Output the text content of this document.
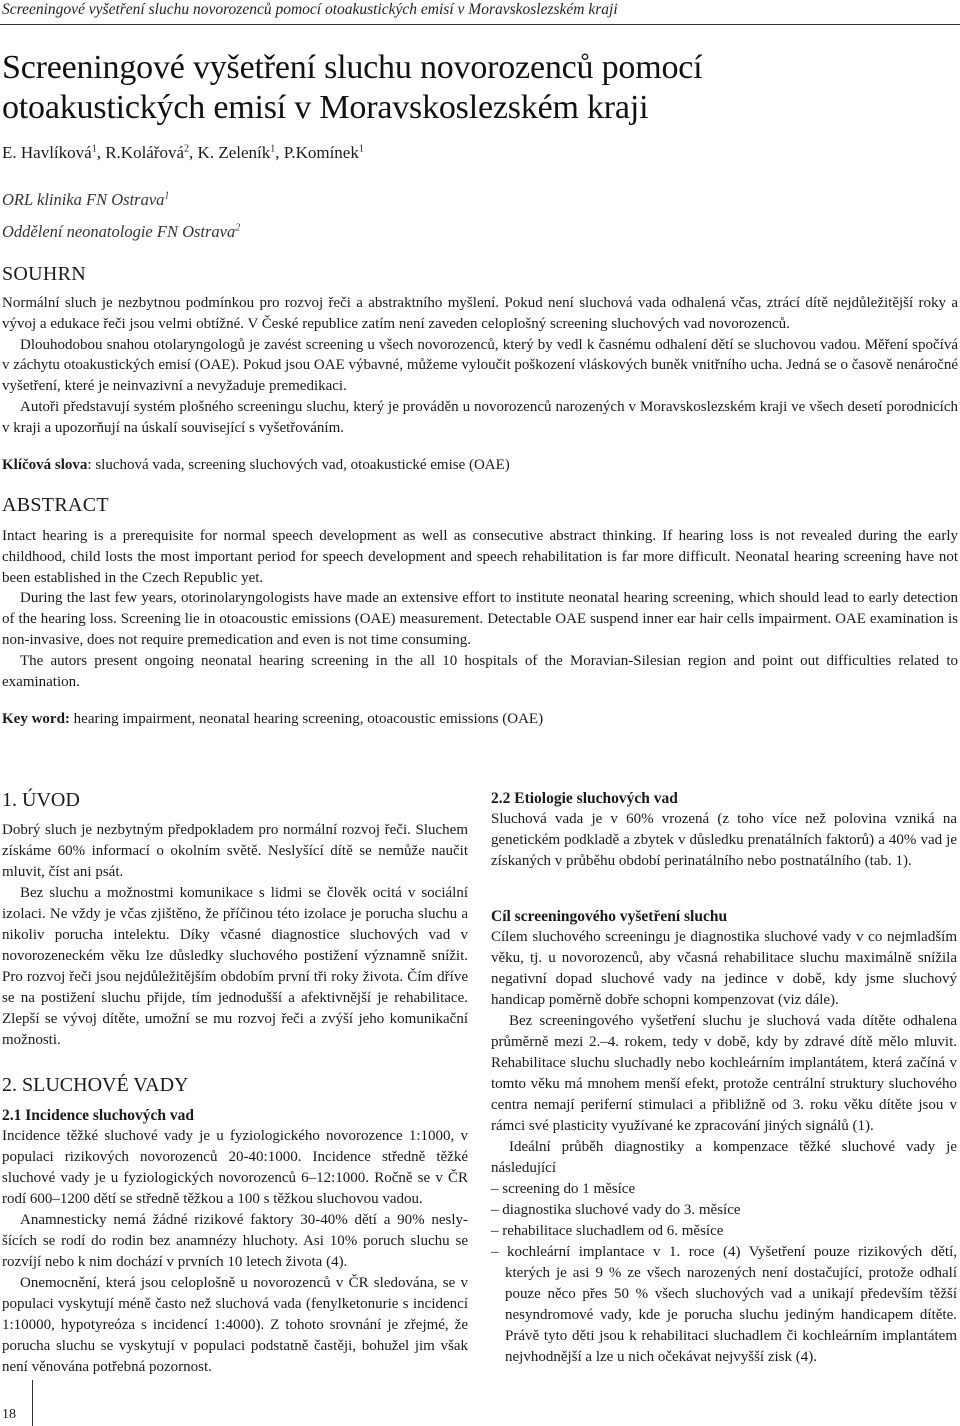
Screeningové vyšetření sluchu novorozenců pomocí otoakustických emisí v Moravskoslezském kraji
Screeningové vyšetření sluchu novorozenců pomocí
otoakustických emisí v Moravskoslezském kraji
E. Havlíková$^1$, R.Kolářová$^2$, K. Zeleník$^1$, P.Komínek$^1$
ORL klinika FN Ostrava$^1$
Oddělení neonatologie FN Ostrava$^2$
SOUHRN

Normální sluch je nezbytnou podmínkou pro rozvoj řeči a abstraktního myšlení. Pokud není sluchová vada odhalená včas, ztrácí dítě nejdůležitější roky a vývoj a edukace řeči jsou velmi obtížné. V České republice zatím není zaveden celoplošný screening sluchových vad novorozenců.

Dlouhodobou snahou otolaryngologů je zavést screening u všech novorozenců, který by vedl k časnému odhalení dětí se sluchovou vadou. Měření spočívá v záchytu otoakustických emisí (OAE). Pokud jsou OAE výbavné, můžeme vyloučit poškození vláskových buněk vnitřního ucha. Jedná se o časově nenáročné vyšetření, které je neinvazivní a nevyžaduje premedikaci.

Autoři představují systém plošného screeningu sluchu, který je prováděn u novorozenců narozených v Moravskoslezském kraji ve všech desetí porodnicích v kraji a upozorňují na úskalí související s vyšetřováním.

Klíčová slova: sluchová vada, screening sluchových vad, otoakustické emise (OAE)
ABSTRACT

Intact hearing is a prerequisite for normal speech development as well as consecutive abstract thinking. If hearing loss is not revealed during the early childhood, child losts the most important period for speech development and speech rehabilitation is far more difficult. Neonatal hearing screening have not been established in the Czech Republic yet.

During the last few years, otorinolaryngologists have made an extensive effort to institute neonatal hearing screening, which should lead to early detection of the hearing loss. Screening lie in otoacoustic emissions (OAE) measurement. Detectable OAE suspend inner ear hair cells impairment. OAE examination is non-invasive, does not require premedication and even is not time consuming.

The autors present ongoing neonatal hearing screening in the all 10 hospitals of the Moravian-Silesian region and point out difficulties related to examination.

Key word: hearing impairment, neonatal hearing screening, otoacoustic emissions (OAE)
1. ÚVOD

Dobrý sluch je nezbytným předpokladem pro normální rozvoj řeči. Sluchem získáme 60% informací o okolním světě. Neslyšící dítě se nemůže naučit mluvit, číst ani psát.

Bez sluchu a možnostmi komunikace s lidmi se člověk ocitá v sociální izolaci. Ne vždy je včas zjištěno, že příčinou této izolace je porucha sluchu a nikoliv porucha intelektu. Díky včasné diagnostice sluchových vad v novorozeneckém věku lze důsledky sluchového postižení významně snížit. Pro rozvoj řeči jsou nejdůležitějším obdobím první tři roky života. Čím dříve se na postižení sluchu přijde, tím jednodušší a afektivnější je rehabilitace. Zlepší se vývoj dítěte, umožní se mu rozvoj řeči a zvýší jeho komunikační možnosti.

2. SLUCHOVÉ VADY
2.1 Incidence sluchových vad

Incidence těžké sluchové vady je u fyziologického novorozence 1:1000, v populaci rizikových novorozenců 20-40:1000. Incidence středně těžké sluchové vady je u fyziologických novorozenců 6–12:1000. Ročně se v ČR rodí 600–1200 dětí se středně těžkou a 100 s těžkou sluchovou vadou.

Anamnesticky nemá žádné rizikové faktory 30-40% dětí a 90% neslyšících se rodí do rodin bez anamnézy hluchoty. Asi 10% poruch sluchu se rozvíjí nebo k nim dochází v prvních 10 letech života (4).

Onemocnění, která jsou celoplošně u novorozenců v ČR sledována, se v populaci vyskytují méně často než sluchová vada (fenylketonurie s incidencí 1:10000, hypotyreóza s incidencí 1:4000). Z tohoto srovnání je zřejmé, že porucha sluchu se vyskytují v populaci podstatně častěji, bohužel jim však není věnována potřebná pozornost.

2.2 Etiologie sluchových vad

Sluchová vada je v 60% vrozená (z toho více než polovina vzniká na genetickém podkladě a zbytek v důsledku prenatálních faktorů) a 40% vad je získaných v průběhu období perinatálního nebo postnatálního (tab. 1).

Cíl screeningového vyšetření sluchu

Cílem sluchového screeningu je diagnostika sluchové vady v co nejmladším věku, tj. u novorozenců, aby včasná rehabilitace sluchu maximálně snížila negativní dopad sluchové vady na jedince v době, kdy jsme sluchový handicap poměrně dobře schopni kompenzovat (viz dále).

Bez screeningového vyšetření sluchu je sluchová vada dítěte odhalena průměrně mezi 2.–4. rokem, tedy v době, kdy by zdravé dítě mělo mluvit. Rehabilitace sluchu sluchadly nebo kochleárním implantátem, která začíná v tomto věku má mnohem menší efekt, protože centrální struktury sluchového centra nemají periferní stimulaci a přibližně od 3. roku věku dítěte jsou v rámci své plasticity využívané ke zpracování jiných signálů (1).

Ideální průběh diagnostiky a kompenzace těžké sluchové vady je následující

– screening do 1 měsíce
– diagnostika sluchové vady do 3. měsíce
– rehabilitace sluchadlem od 6. měsíce
– kochleární implantace v 1. roce (4) Vyšetření pouze rizikových dětí, kterých je asi 9 % ze všech narozených není dostačující, protože odhalí pouze něco přes 50 % všech sluchových vad a unikají především těžší nesyndromové vady, kde je porucha sluchu jediným handicapem dítěte. Právě tyto děti jsou k rehabilitaci sluchadlem či kochleárním implantátem nejvhodnější a lze u nich očekávat nejvyšší zisk (4).
18
